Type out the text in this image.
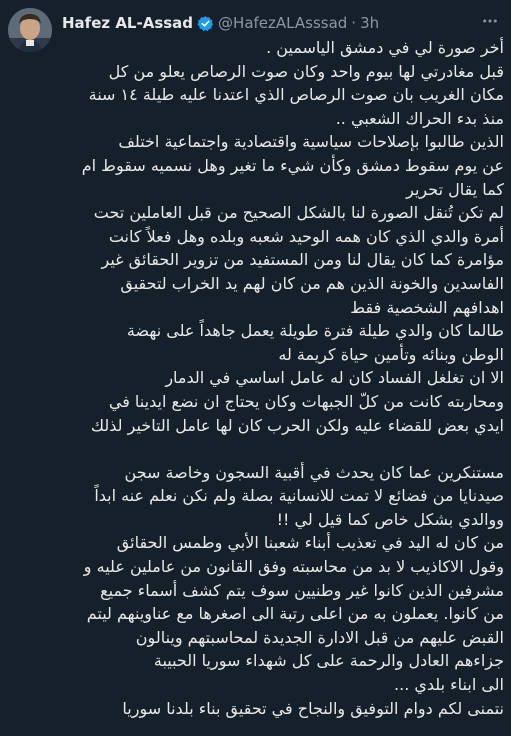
Hafez AL-Assad @HafezALAsssad · 3h
أخر صورة لي في دمشق الياسمين .
قبل مغادرتي لها بيوم واحد وكان صوت الرصاص يعلو من كل
مكان الغريب بان صوت الرصاص الذي اعتدنا عليه طيلة ١٤ سنة
منذ بدء الحراك الشعبي ..
الذين طالبوا بإصلاحات سياسية واقتصادية واجتماعية اختلف
عن يوم سقوط دمشق وكأن شيء ما تغير وهل نسميه سقوط ام
كما يقال تحرير
لم تكن تُنقل الصورة لنا بالشكل الصحيح من قبل العاملين تحت
أمرة والدي الذي كان همه الوحيد شعبه وبلده وهل فعلاً كانت
مؤامرة كما كان يقال لنا ومن المستفيد من تزوير الحقائق غير
الفاسدين والخونة الذين هم من كان لهم يد الخراب لتحقيق
اهدافهم الشخصية فقط
طالما كان والدي طيلة فترة طويلة يعمل جاهداً على نهضة
الوطن وبنائه وتأمين حياة كريمة له
الا ان تغلغل الفساد كان له عامل اساسي في الدمار
ومحاربته كانت من كلّ الجبهات وكان يحتاج ان نضع ايدينا في
ايدي بعض للقضاء عليه ولكن الحرب كان لها عامل التاخير لذلك
مستنكرين عما كان يحدث في أقبية السجون وخاصة سجن
صيدنايا من فضائع لا تمت للانسانية بصلة ولم نكن نعلم عنه ابداً
ووالدي بشكل خاص كما قيل لي !!
من كان له اليد في تعذيب أبناء شعبنا الأبي وطمس الحقائق
وقول الاكاذيب لا بد من محاسبته وفق القانون من عاملين عليه و
مشرفين الذين كانوا غير وطنيين سوف يتم كشف أسماء جميع
من كانوا. يعملون به من اعلى رتبة الى اصغرها مع عناوينهم ليتم
القبض عليهم من قبل الادارة الجديدة لمحاسبتهم وينالون
جزاءهم العادل والرحمة على كل شهداء سوريا الحبيبة
الى ابناء بلدي ...
نتمنى لكم دوام التوفيق والنجاح في تحقيق بناء بلدنا سوريا
